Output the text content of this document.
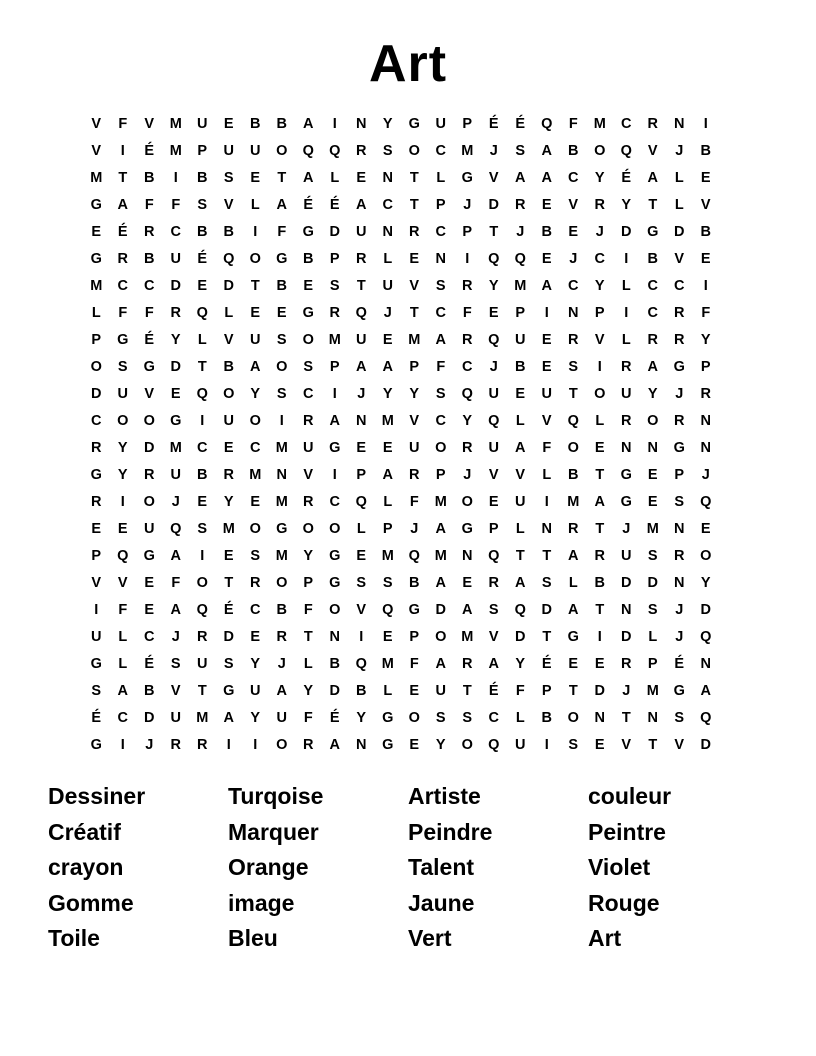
Art
V	F	V	M	U	E	B	B	A	I	N	Y	G	U	P	É	É	Q	F	M	C	R	N	I
V	I	É	M	P	U	U	O	Q	Q	R	S	O	C	M	J	S	A	B	O	Q	V	J	B
M	T	B	I	B	S	E	T	A	L	E	N	T	L	G	V	A	A	C	Y	É	A	L	E
G	A	F	F	S	V	L	A	É	É	A	C	T	P	J	D	R	E	V	R	Y	T	L	V
E	É	R	C	B	B	I	F	G	D	U	N	R	C	P	T	J	B	E	J	D	G	D	B
G	R	B	U	É	Q	O	G	B	P	R	L	E	N	I	Q	Q	E	J	C	I	B	V	E
M	C	C	D	E	D	T	B	E	S	T	U	V	S	R	Y	M	A	C	Y	L	C	C	I
L	F	F	R	Q	L	E	E	G	R	Q	J	T	C	F	E	P	I	N	P	I	C	R	F
P	G	É	Y	L	V	U	S	O	M	U	E	M	A	R	Q	U	E	R	V	L	R	R	Y
O	S	G	D	T	B	A	O	S	P	A	A	P	F	C	J	B	E	S	I	R	A	G	P
D	U	V	E	Q	O	Y	S	C	I	J	Y	Y	S	Q	U	E	U	T	O	U	Y	J	R
C	O	O	G	I	U	O	I	R	A	N	M	V	C	Y	Q	L	V	Q	L	R	O	R	N
R	Y	D	M	C	E	C	M	U	G	E	E	U	O	R	U	A	F	O	E	N	N	G	N
G	Y	R	U	B	R	M	N	V	I	P	A	R	P	J	V	V	L	B	T	G	E	P	J
R	I	O	J	E	Y	E	M	R	C	Q	L	F	M	O	E	U	I	M	A	G	E	S	Q
E	E	U	Q	S	M	O	G	O	O	L	P	J	A	G	P	L	N	R	T	J	M	N	E
P	Q	G	A	I	E	S	M	Y	G	E	M	Q	M	N	Q	T	T	A	R	U	S	R	O
V	V	E	F	O	T	R	O	P	G	S	S	B	A	E	R	A	S	L	B	D	D	N	Y
I	F	E	A	Q	É	C	B	F	O	V	Q	G	D	A	S	Q	D	A	T	N	S	J	D
U	L	C	J	R	D	E	R	T	N	I	E	P	O	M	V	D	T	G	I	D	L	J	Q
G	L	É	S	U	S	Y	J	L	B	Q	M	F	A	R	A	Y	É	E	E	R	P	É	N
S	A	B	V	T	G	U	A	Y	D	B	L	E	U	T	É	F	P	T	D	J	M	G	A
É	C	D	U	M	A	Y	U	F	É	Y	G	O	S	S	C	L	B	O	N	T	N	S	Q
G	I	J	R	R	I	I	O	R	A	N	G	E	Y	O	Q	U	I	S	E	V	T	V	D
Dessiner	Turqoise	Artiste	couleur
Créatif	Marquer	Peindre	Peintre
crayon	Orange	Talent	Violet
Gomme	image	Jaune	Rouge
Toile	Bleu	Vert	Art
